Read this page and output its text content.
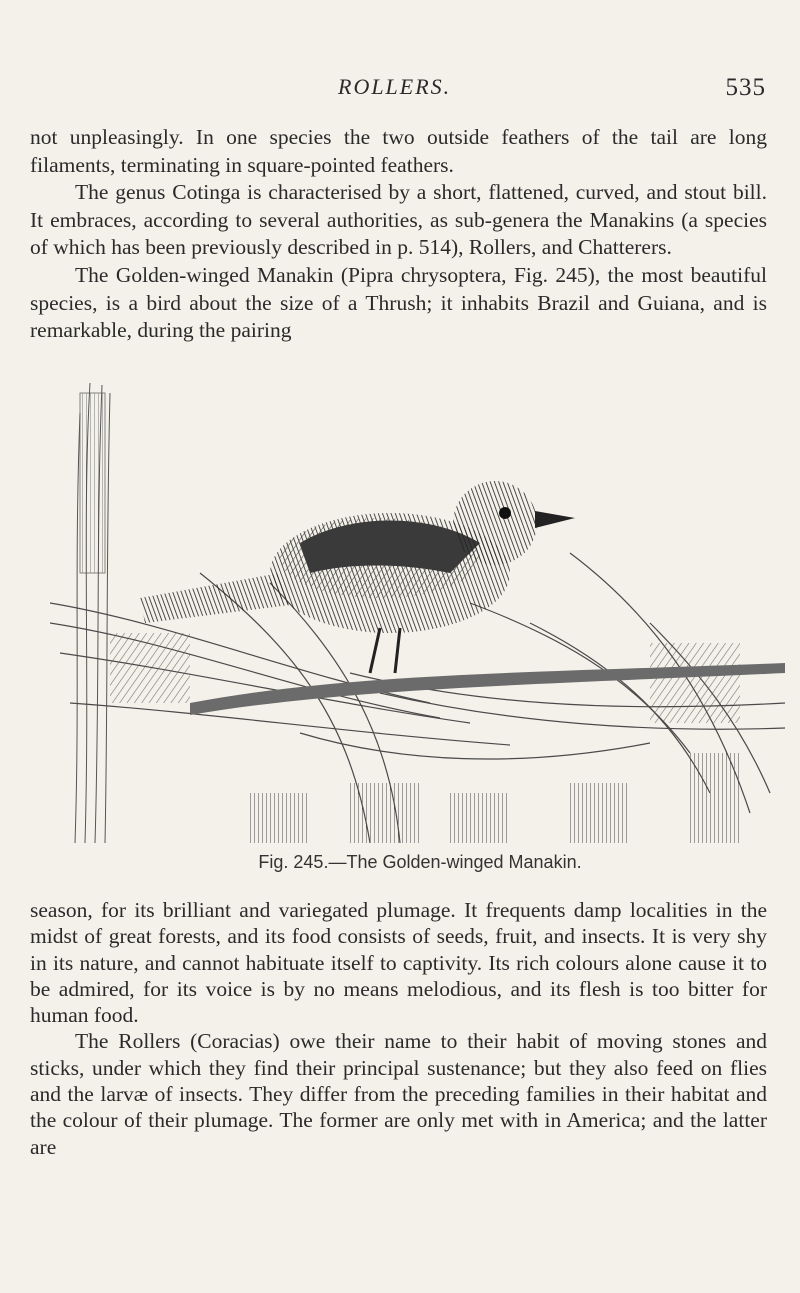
ROLLERS.	535

not unpleasingly. In one species the two outside feathers of the tail are long filaments, terminating in square-pointed feathers.

The genus Cotinga is characterised by a short, flattened, curved, and stout bill. It embraces, according to several authorities, as sub-genera the Manakins (a species of which has been previously described in p. 514), Rollers, and Chatterers.

The Golden-winged Manakin (Pipra chrysoptera, Fig. 245), the most beautiful species, is a bird about the size of a Thrush; it inhabits Brazil and Guiana, and is remarkable, during the pairing

Fig. 245.—The Golden-winged Manakin.

season, for its brilliant and variegated plumage. It frequents damp localities in the midst of great forests, and its food consists of seeds, fruit, and insects. It is very shy in its nature, and cannot habituate itself to captivity. Its rich colours alone cause it to be admired, for its voice is by no means melodious, and its flesh is too bitter for human food.

The Rollers (Coracias) owe their name to their habit of moving stones and sticks, under which they find their principal sustenance; but they also feed on flies and the larvæ of insects. They differ from the preceding families in their habitat and the colour of their plumage. The former are only met with in America; and the latter are
